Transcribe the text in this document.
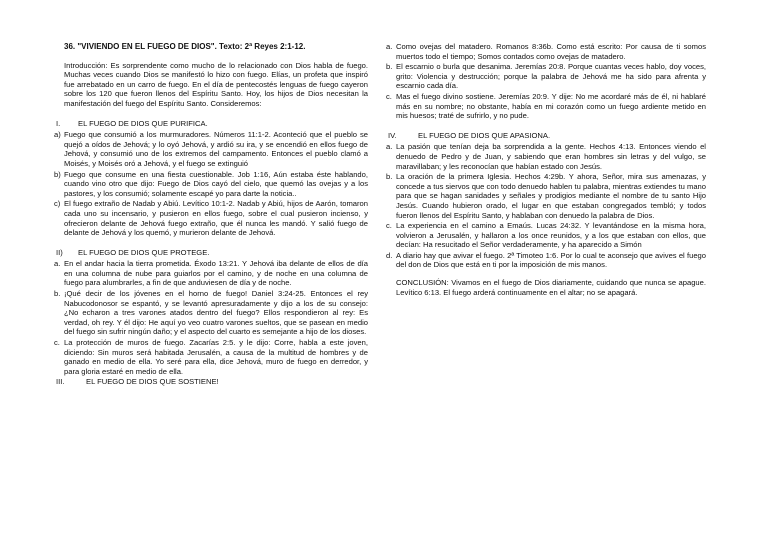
36. "VIVIENDO EN EL FUEGO DE DIOS". Texto: 2ª Reyes 2:1-12.

Introducción: Es sorprendente como mucho de lo relacionado con Dios habla de fuego. Muchas veces cuando Dios se manifestó lo hizo con fuego. Elías, un profeta que inspiró fue arrebatado en un carro de fuego. En el día de pentecostés lenguas de fuego cayeron sobre los 120 que fueron llenos del Espíritu Santo. Hoy, los hijos de Dios necesitan la manifestación del fuego del Espíritu Santo. Consideremos:

I.	EL FUEGO DE DIOS QUE PURIFICA.
a) Fuego que consumió a los murmuradores. Números 11:1-2. Aconteció que el pueblo se quejó a oídos de Jehová; y lo oyó Jehová, y ardió su ira, y se encendió en ellos fuego de Jehová, y consumió uno de los extremos del campamento. Entonces el pueblo clamó a Moisés, y Moisés oró a Jehová, y el fuego se extinguió
b) Fuego que consume en una fiesta cuestionable. Job 1:16, Aún estaba éste hablando, cuando vino otro que dijo: Fuego de Dios cayó del cielo, que quemó las ovejas y a los pastores, y los consumió; solamente escapé yo para darte la noticia..
c) El fuego extraño de Nadab y Abiú. Levítico 10:1-2. Nadab y Abiú, hijos de Aarón, tomaron cada uno su incensario, y pusieron en ellos fuego, sobre el cual pusieron incienso, y ofrecieron delante de Jehová fuego extraño, que él nunca les mandó. Y salió fuego de delante de Jehová y los quemó, y murieron delante de Jehová.
II)	EL FUEGO DE DIOS QUE PROTEGE.
a. En el andar hacia la tierra prometida. Éxodo 13:21. Y Jehová iba delante de ellos de día en una columna de nube para guiarlos por el camino, y de noche en una columna de fuego para alumbrarles, a fin de que anduviesen de día y de noche.
b. ¡Qué decir de los jóvenes en el horno de fuego! Daniel 3:24-25. Entonces el rey Nabucodonosor se espantó, y se levantó apresuradamente y dijo a los de su consejo: ¿No echaron a tres varones atados dentro del fuego? Ellos respondieron al rey: Es verdad, oh rey. Y él dijo: He aquí yo veo cuatro varones sueltos, que se pasean en medio del fuego sin sufrir ningún daño; y el aspecto del cuarto es semejante a hijo de los dioses.
c. La protección de muros de fuego. Zacarías 2:5. y le dijo: Corre, habla a este joven, diciendo: Sin muros será habitada Jerusalén, a causa de la multitud de hombres y de ganado en medio de ella. Yo seré para ella, dice Jehová, muro de fuego en derredor, y para gloria estaré en medio de ella.
III.	EL FUEGO DE DIOS QUE SOSTIENE!
a. Como ovejas del matadero. Romanos 8:36b. Como está escrito: Por causa de ti somos muertos todo el tiempo; Somos contados como ovejas de matadero.
b. El escarnio o burla que desanima. Jeremías 20:8. Porque cuantas veces hablo, doy voces, grito: Violencia y destrucción; porque la palabra de Jehová me ha sido para afrenta y escarnio cada día.
c. Mas el fuego divino sostiene. Jeremías 20:9. Y dije: No me acordaré más de él, ni hablaré más en su nombre; no obstante, había en mi corazón como un fuego ardiente metido en mis huesos; traté de sufrirlo, y no pude.
IV.	EL FUEGO DE DIOS QUE APASIONA.
a. La pasión que tenían deja ba sorprendida a la gente. Hechos 4:13. Entonces viendo el denuedo de Pedro y de Juan, y sabiendo que eran hombres sin letras y del vulgo, se maravillaban; y les reconocían que habían estado con Jesús.
b. La oración de la primera Iglesia. Hechos 4:29b. Y ahora, Señor, mira sus amenazas, y concede a tus siervos que con todo denuedo hablen tu palabra, mientras extiendes tu mano para que se hagan sanidades y señales y prodigios mediante el nombre de tu santo Hijo Jesús. Cuando hubieron orado, el lugar en que estaban congregados tembló; y todos fueron llenos del Espíritu Santo, y hablaban con denuedo la palabra de Dios.
c. La experiencia en el camino a Emaús. Lucas 24:32. Y levantándose en la misma hora, volvieron a Jerusalén, y hallaron a los once reunidos, y a los que estaban con ellos, que decían: Ha resucitado el Señor verdaderamente, y ha aparecido a Simón
d. A diario hay que avivar el fuego. 2ª Timoteo 1:6. Por lo cual te aconsejo que avives el fuego del don de Dios que está en ti por la imposición de mis manos.

CONCLUSIÓN: Vivamos en el fuego de Dios diariamente, cuidando que nunca se apague. Levítico 6:13. El fuego arderá continuamente en el altar; no se apagará.
